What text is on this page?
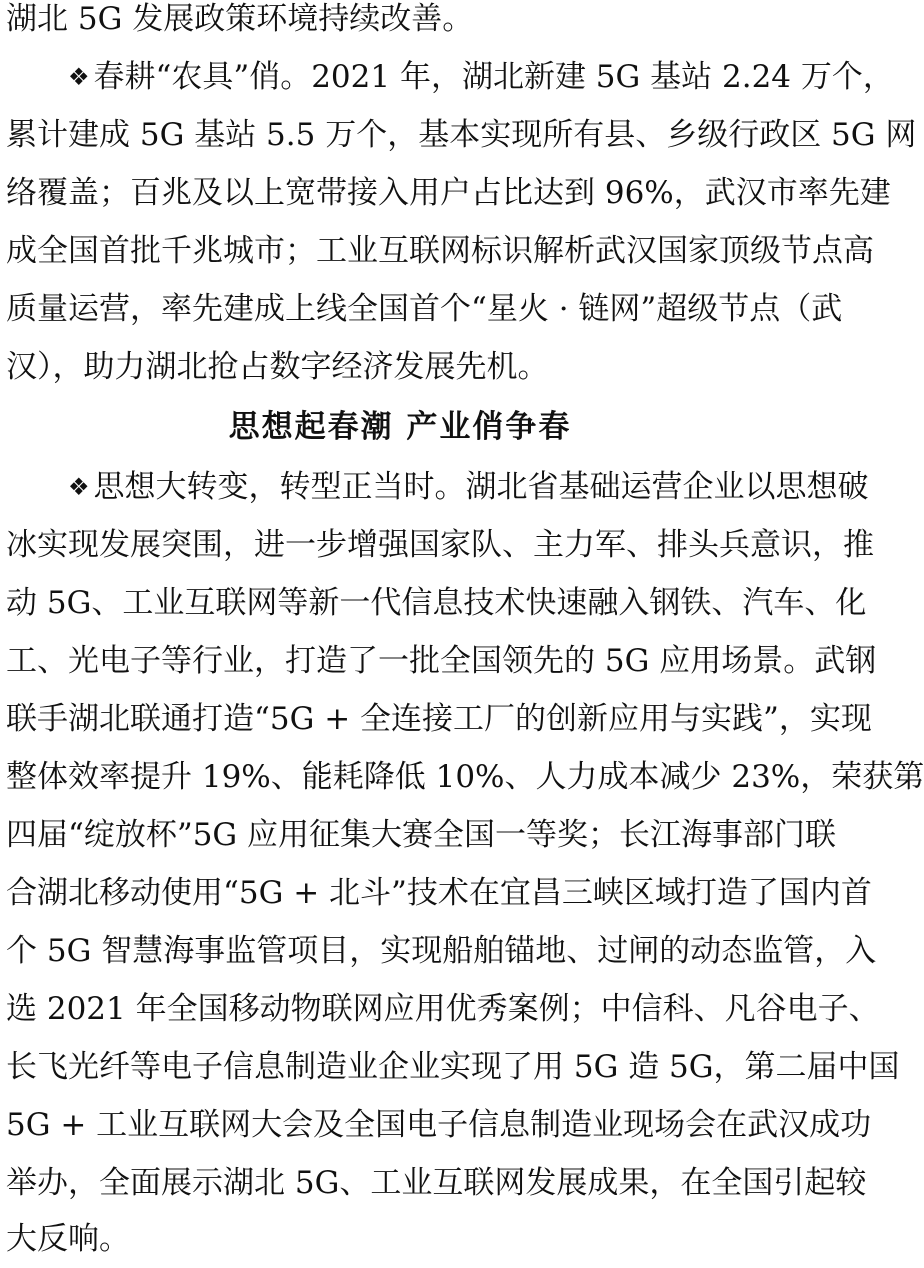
湖北 5G 发展政策环境持续改善。
❖ 春耕“农具”俏。2021 年，湖北新建 5G 基站 2.24 万个，
累计建成 5G 基站 5.5 万个，基本实现所有县、乡级行政区 5G 网
络覆盖；百兆及以上宽带接入用户占比达到 96%，武汉市率先建
成全国首批千兆城市；工业互联网标识解析武汉国家顶级节点高
质量运营，率先建成上线全国首个“星火 · 链网”超级节点（武
汉），助力湖北抢占数字经济发展先机。
思想起春潮 产业俏争春
❖ 思想大转变，转型正当时。湖北省基础运营企业以思想破
冰实现发展突围，进一步增强国家队、主力军、排头兵意识，推
动 5G、工业互联网等新一代信息技术快速融入钢铁、汽车、化
工、光电子等行业，打造了一批全国领先的 5G 应用场景。武钢
联手湖北联通打造“5G + 全连接工厂的创新应用与实践”，实现
整体效率提升 19%、能耗降低 10%、人力成本减少 23%，荣获第
四届“绽放杯”5G 应用征集大赛全国一等奖；长江海事部门联
合湖北移动使用“5G + 北斗”技术在宜昌三峡区域打造了国内首
个 5G 智慧海事监管项目，实现船舶锚地、过闸的动态监管，入
选 2021 年全国移动物联网应用优秀案例；中信科、凡谷电子、
长飞光纤等电子信息制造业企业实现了用 5G 造 5G，第二届中国
5G + 工业互联网大会及全国电子信息制造业现场会在武汉成功
举办，全面展示湖北 5G、工业互联网发展成果，在全国引起较
大反响。
